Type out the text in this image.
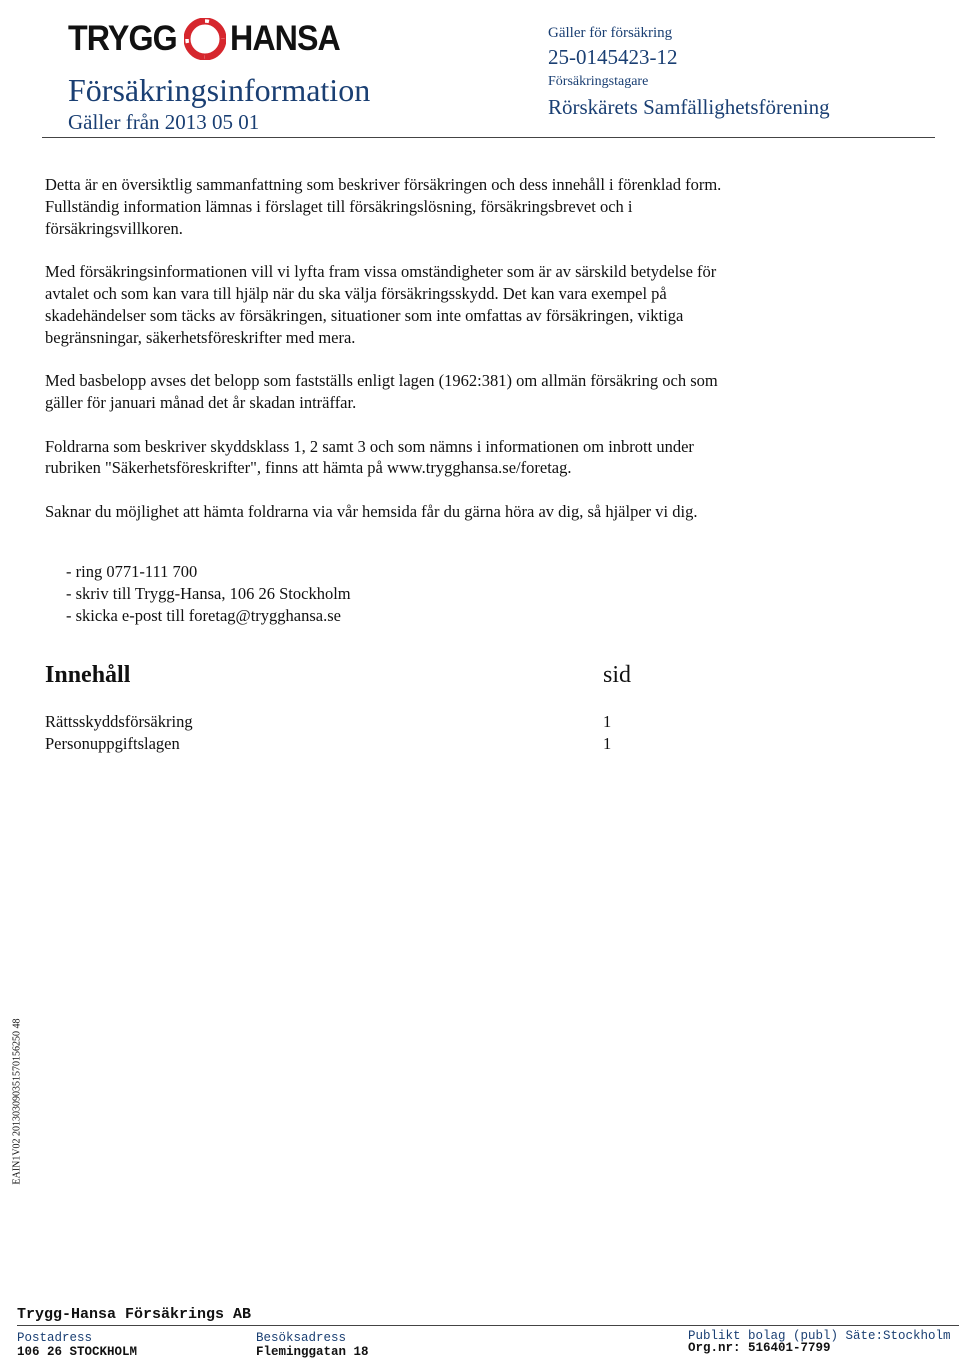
TRYGG HANSA
Försäkringsinformation
Gäller från 2013 05 01
Gäller för försäkring
25-0145423-12
Försäkringstagare
Rörskärets Samfällighetsförening

Detta är en översiktlig sammanfattning som beskriver försäkringen och dess innehåll i förenklad form. Fullständig information lämnas i förslaget till försäkringslösning, försäkringsbrevet och i försäkringsvillkoren.

Med försäkringsinformationen vill vi lyfta fram vissa omständigheter som är av särskild betydelse för avtalet och som kan vara till hjälp när du ska välja försäkringsskydd. Det kan vara exempel på skadehändelser som täcks av försäkringen, situationer som inte omfattas av försäkringen, viktiga begränsningar, säkerhetsföreskrifter med mera.

Med basbelopp avses det belopp som fastställs enligt lagen (1962:381) om allmän försäkring och som gäller för januari månad det år skadan inträffar.

Foldrarna som beskriver skyddsklass 1, 2 samt 3 och som nämns i informationen om inbrott under rubriken "Säkerhetsföreskrifter", finns att hämta på www.trygghansa.se/foretag.

Saknar du möjlighet att hämta foldrarna via vår hemsida får du gärna höra av dig, så hjälper vi dig.

- ring 0771-111 700
- skriv till Trygg-Hansa, 106 26 Stockholm
- skicka e-post till foretag@trygghansa.se
Innehåll	sid
Rättsskyddsförsäkring	1
Personuppgiftslagen	1
EAIN1V02 201303090351570156250 48
Trygg-Hansa Försäkrings AB
Postadress
106 26 STOCKHOLM
Besöksadress
Fleminggatan 18
Publikt bolag (publ) Säte:Stockholm
Org.nr: 516401-7799
